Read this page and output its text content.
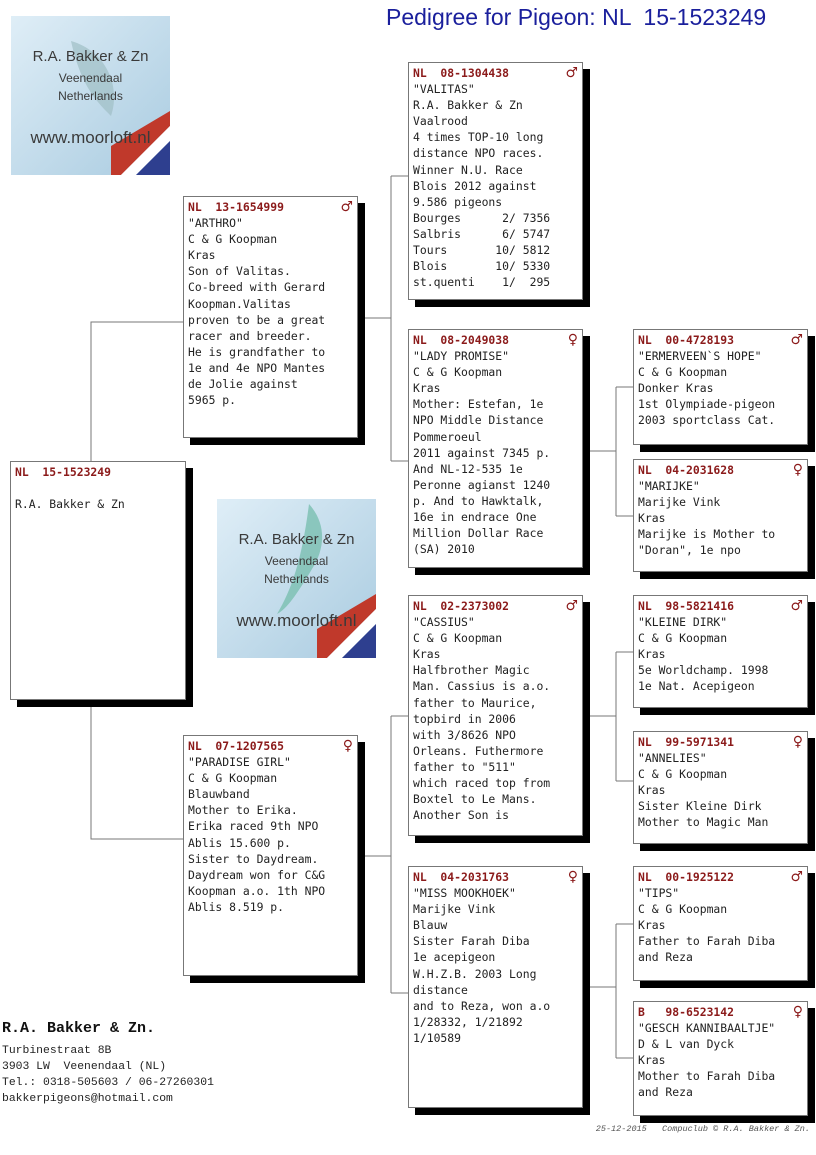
Pedigree for Pigeon: NL  15-1523249
R.A. Bakker & Zn
Veenendaal
Netherlands
www.moorloft.nl
R.A. Bakker & Zn
Veenendaal
Netherlands
www.moorloft.nl
NL  15-1523249

R.A. Bakker & Zn
NL  13-1654999	♂
"ARTHRO"
C & G Koopman
Kras
Son of Valitas.
Co-breed with Gerard
Koopman.Valitas
proven to be a great
racer and breeder.
He is grandfather to
1e and 4e NPO Mantes
de Jolie against
5965 p.
NL  07-1207565	♀
"PARADISE GIRL"
C & G Koopman
Blauwband
Mother to Erika.
Erika raced 9th NPO
Ablis 15.600 p.
Sister to Daydream.
Daydream won for C&G
Koopman a.o. 1th NPO
Ablis 8.519 p.
NL  08-1304438	♂
"VALITAS"
R.A. Bakker & Zn
Vaalrood
4 times TOP-10 long
distance NPO races.
Winner N.U. Race
Blois 2012 against
9.586 pigeons
Bourges      2/ 7356
Salbris      6/ 5747
Tours       10/ 5812
Blois       10/ 5330
st.quenti    1/  295
NL  08-2049038	♀
"LADY PROMISE"
C & G Koopman
Kras
Mother: Estefan, 1e
NPO Middle Distance
Pommeroeul
2011 against 7345 p.
And NL-12-535 1e
Peronne agianst 1240
p. And to Hawktalk,
16e in endrace One
Million Dollar Race
(SA) 2010
NL  02-2373002	♂
"CASSIUS"
C & G Koopman
Kras
Halfbrother Magic
Man. Cassius is a.o.
father to Maurice,
topbird in 2006
with 3/8626 NPO
Orleans. Futhermore
father to "511"
which raced top from
Boxtel to Le Mans.
Another Son is
NL  04-2031763	♀
"MISS MOOKHOEK"
Marijke Vink
Blauw
Sister Farah Diba
1e acepigeon
W.H.Z.B. 2003 Long
distance
and to Reza, won a.o
1/28332, 1/21892
1/10589
NL  00-4728193	♂
"ERMERVEEN`S HOPE"
C & G Koopman
Donker Kras
1st Olympiade-pigeon
2003 sportclass Cat.
NL  04-2031628	♀
"MARIJKE"
Marijke Vink
Kras
Marijke is Mother to
"Doran", 1e npo
NL  98-5821416	♂
"KLEINE DIRK"
C & G Koopman
Kras
5e Worldchamp. 1998
1e Nat. Acepigeon
NL  99-5971341	♀
"ANNELIES"
C & G Koopman
Kras
Sister Kleine Dirk
Mother to Magic Man
NL  00-1925122	♂
"TIPS"
C & G Koopman
Kras
Father to Farah Diba
and Reza
B   98-6523142	♀
"GESCH KANNIBAALTJE"
D & L van Dyck
Kras
Mother to Farah Diba
and Reza
R.A. Bakker & Zn.
Turbinestraat 8B
3903 LW  Veenendaal (NL)
Tel.: 0318-505603 / 06-27260301
bakkerpigeons@hotmail.com
25-12-2015   Compuclub © R.A. Bakker & Zn.
